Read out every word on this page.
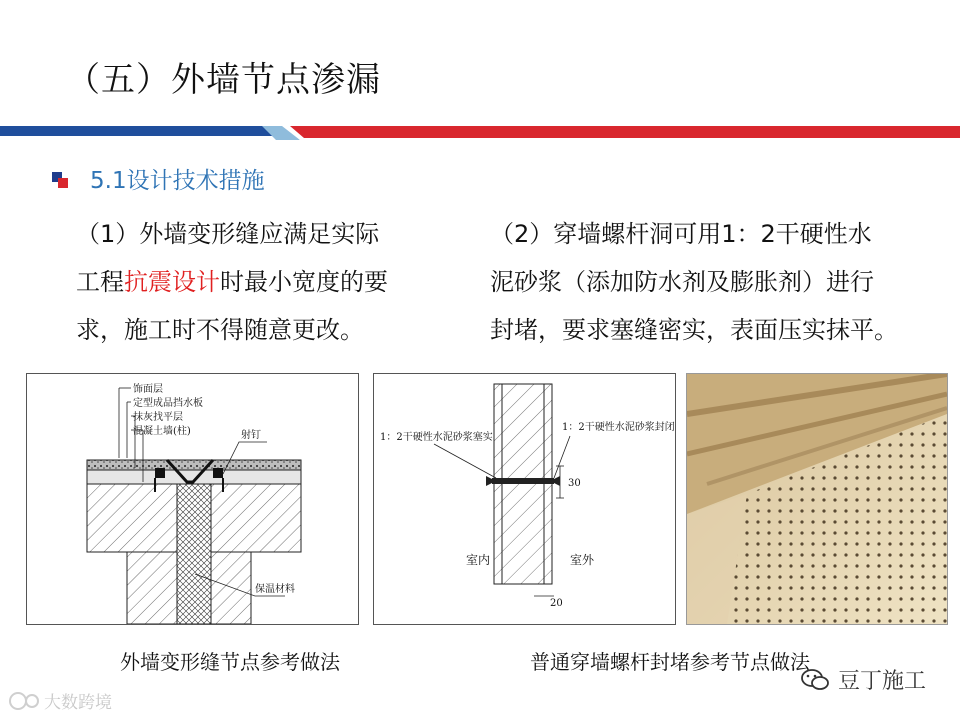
（五）外墙节点渗漏
5.1设计技术措施
（1）外墙变形缝应满足实际
工程抗震设计时最小宽度的要
求，施工时不得随意更改。
（2）穿墙螺杆洞可用1：2干硬性水
泥砂浆（添加防水剂及膨胀剂）进行
封堵，要求塞缝密实，表面压实抹平。
饰面层
定型成品挡水板
抹灰找平层
混凝土墙(柱)	射钉
保温材料
1：2干硬性水泥砂浆塞实
1：2干硬性水泥砂浆封闭
30
室内	室外
20
外墙变形缝节点参考做法	普通穿墙螺杆封堵参考节点做法
大数跨境
豆丁施工
